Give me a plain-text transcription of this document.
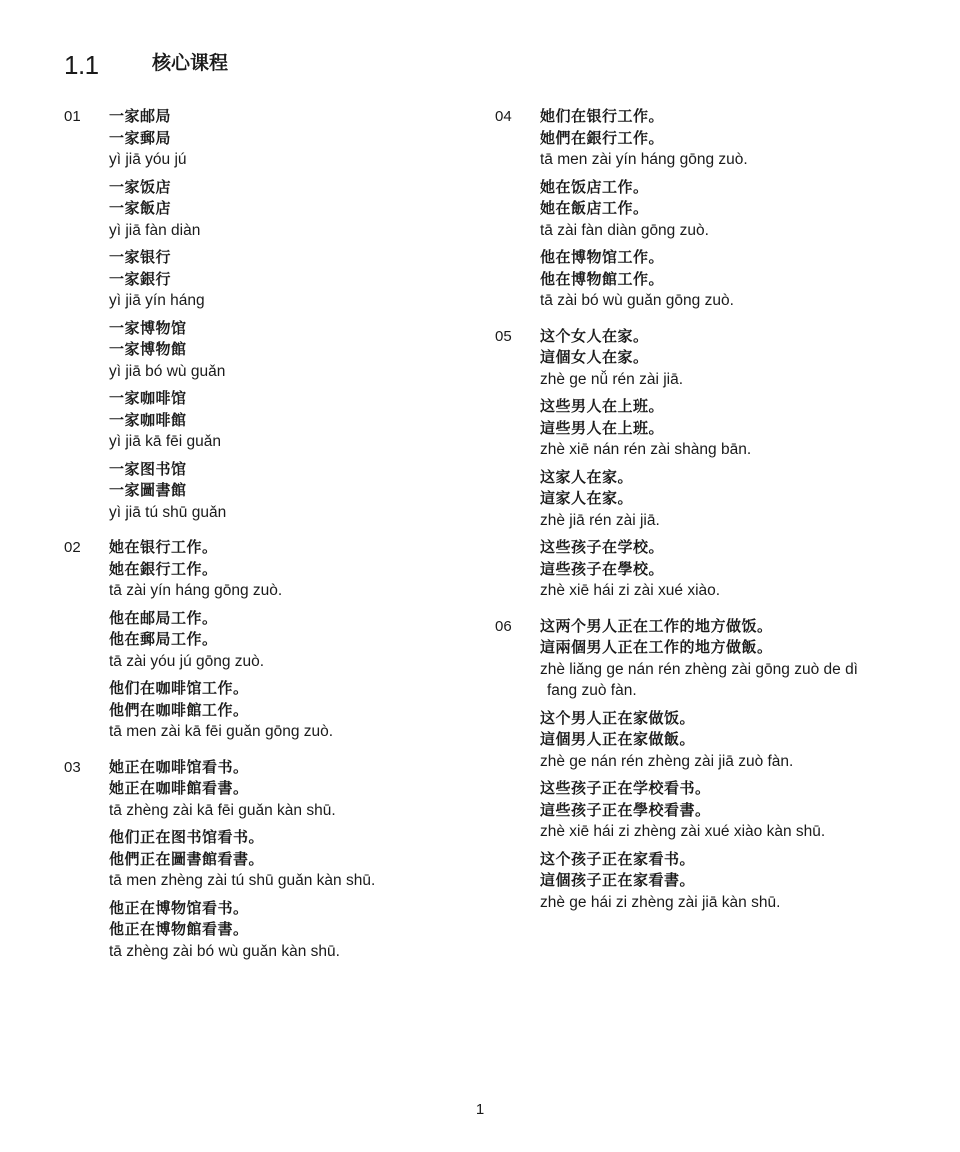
1.1	核心课程
01 一家邮局
一家郵局
yì jiā yóu jú
一家饭店
一家飯店
yì jiā fàn diàn
一家银行
一家銀行
yì jiā yín háng
一家博物馆
一家博物館
yì jiā bó wù guǎn
一家咖啡馆
一家咖啡館
yì jiā kā fēi guǎn
一家图书馆
一家圖書館
yì jiā tú shū guǎn
02 她在银行工作。
她在銀行工作。
tā zài yín háng gōng zuò.
他在邮局工作。
他在郵局工作。
tā zài yóu jú gōng zuò.
他们在咖啡馆工作。
他們在咖啡館工作。
tā men zài kā fēi guǎn gōng zuò.
03 她正在咖啡馆看书。
她正在咖啡館看書。
tā zhèng zài kā fēi guǎn kàn shū.
他们正在图书馆看书。
他們正在圖書館看書。
tā men zhèng zài tú shū guǎn kàn shū.
他正在博物馆看书。
他正在博物館看書。
tā zhèng zài bó wù guǎn kàn shū.
04 她们在银行工作。
她們在銀行工作。
tā men zài yín háng gōng zuò.
她在饭店工作。
她在飯店工作。
tā zài fàn diàn gōng zuò.
他在博物馆工作。
他在博物館工作。
tā zài bó wù guǎn gōng zuò.
05 这个女人在家。
這個女人在家。
zhè ge nǚ rén zài jiā.
这些男人在上班。
這些男人在上班。
zhè xiē nán rén zài shàng bān.
这家人在家。
這家人在家。
zhè jiā rén zài jiā.
这些孩子在学校。
這些孩子在學校。
zhè xiē hái zi zài xué xiào.
06 这两个男人正在工作的地方做饭。
這兩個男人正在工作的地方做飯。
zhè liǎng ge nán rén zhèng zài gōng zuò de dì fang zuò fàn.
这个男人正在家做饭。
這個男人正在家做飯。
zhè ge nán rén zhèng zài jiā zuò fàn.
这些孩子正在学校看书。
這些孩子正在學校看書。
zhè xiē hái zi zhèng zài xué xiào kàn shū.
这个孩子正在家看书。
這個孩子正在家看書。
zhè ge hái zi zhèng zài jiā kàn shū.
1
